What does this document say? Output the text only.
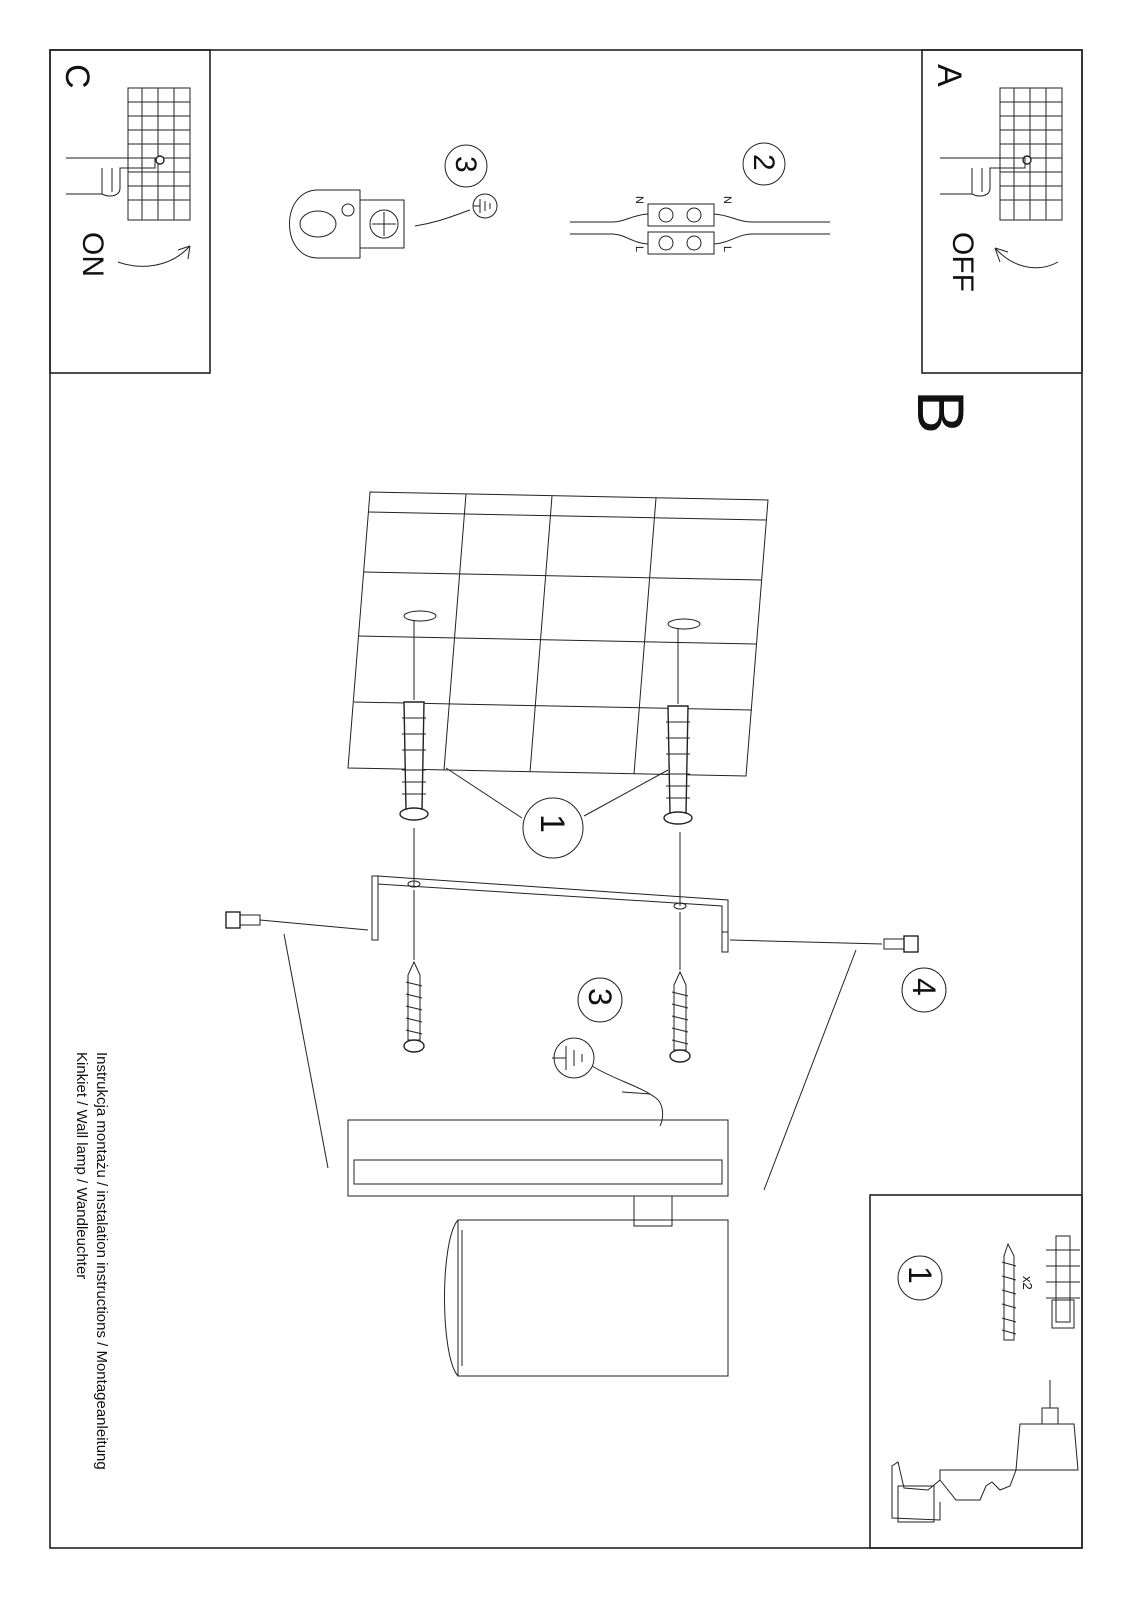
A
OFF
C
ON
3	2
N	N
L	L
B
1
4
3
x2
1
Instrukcja montażu / instalation instructions / Montageanleitung
Kinkiet / Wall lamp / Wandleuchter
